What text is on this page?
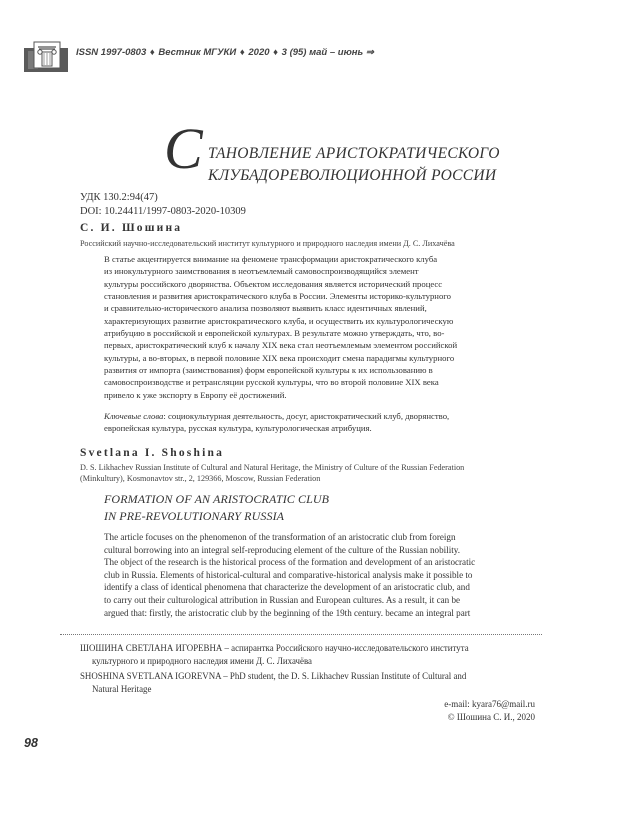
ISSN 1997-0803 ♦ Вестник МГУКИ ♦ 2020 ♦ 3 (95) май – июнь ⇒
С ТАНОВЛЕНИЕ АРИСТОКРАТИЧЕСКОГО КЛУБА ДОРЕВОЛЮЦИОННОЙ РОССИИ
УДК 130.2:94(47)
DOI: 10.24411/1997-0803-2020-10309
С. И. Шошина
Российский научно-исследовательский институт культурного и природного наследия имени Д. С. Лихачёва
В статье акцентируется внимание на феномене трансформации аристократического клуба
из инокультурного заимствования в неотъемлемый самовоспроизводящийся элемент
культуры российского дворянства. Объектом исследования является исторический процесс
становления и развития аристократического клуба в России. Элементы историко-культурного
и сравнительно-исторического анализа позволяют выявить класс идентичных явлений,
характеризующих развитие аристократического клуба, и осуществить их культурологическую
атрибуцию в российской и европейской культурах. В результате можно утверждать, что, во-
первых, аристократический клуб к началу XIX века стал неотъемлемым элементом российской
культуры, а во-вторых, в первой половине XIX века происходит смена парадигмы культурного
развития от импорта (заимствования) форм европейской культуры к их использованию в
самовоспроизводстве и ретрансляции русской культуры, что во второй половине XIX века
привело к уже экспорту в Европу её достижений.
Ключевые слова: социокультурная деятельность, досуг, аристократический клуб, дворянство,
европейская культура, русская культура, культурологическая атрибуция.
Svetlana I. Shoshina
D. S. Likhachev Russian Institute of Cultural and Natural Heritage, the Ministry of Culture of the Russian Federation
(Minkultury), Kosmonavtov str., 2, 129366, Moscow, Russian Federation
FORMATION OF AN ARISTOCRATIC CLUB
IN PRE-REVOLUTIONARY RUSSIA
The article focuses on the phenomenon of the transformation of an aristocratic club from foreign
cultural borrowing into an integral self-reproducing element of the culture of the Russian nobility.
The object of the research is the historical process of the formation and development of an aristocratic
club in Russia. Elements of historical-cultural and comparative-historical analysis make it possible to
identify a class of identical phenomena that characterize the development of an aristocratic club, and
to carry out their culturological attribution in Russian and European cultures. As a result, it can be
argued that: firstly, the aristocratic club by the beginning of the 19th century. became an integral part
ШОШИНА СВЕТЛАНА ИГОРЕВНА – аспирантка Российского научно-исследовательского института
культурного и природного наследия имени Д. С. Лихачёва
SHOSHINA SVETLANA IGOREVNA – PhD student, the D. S. Likhachev Russian Institute of Cultural and
Natural Heritage
e-mail: kyara76@mail.ru
© Шошина С. И., 2020
98
